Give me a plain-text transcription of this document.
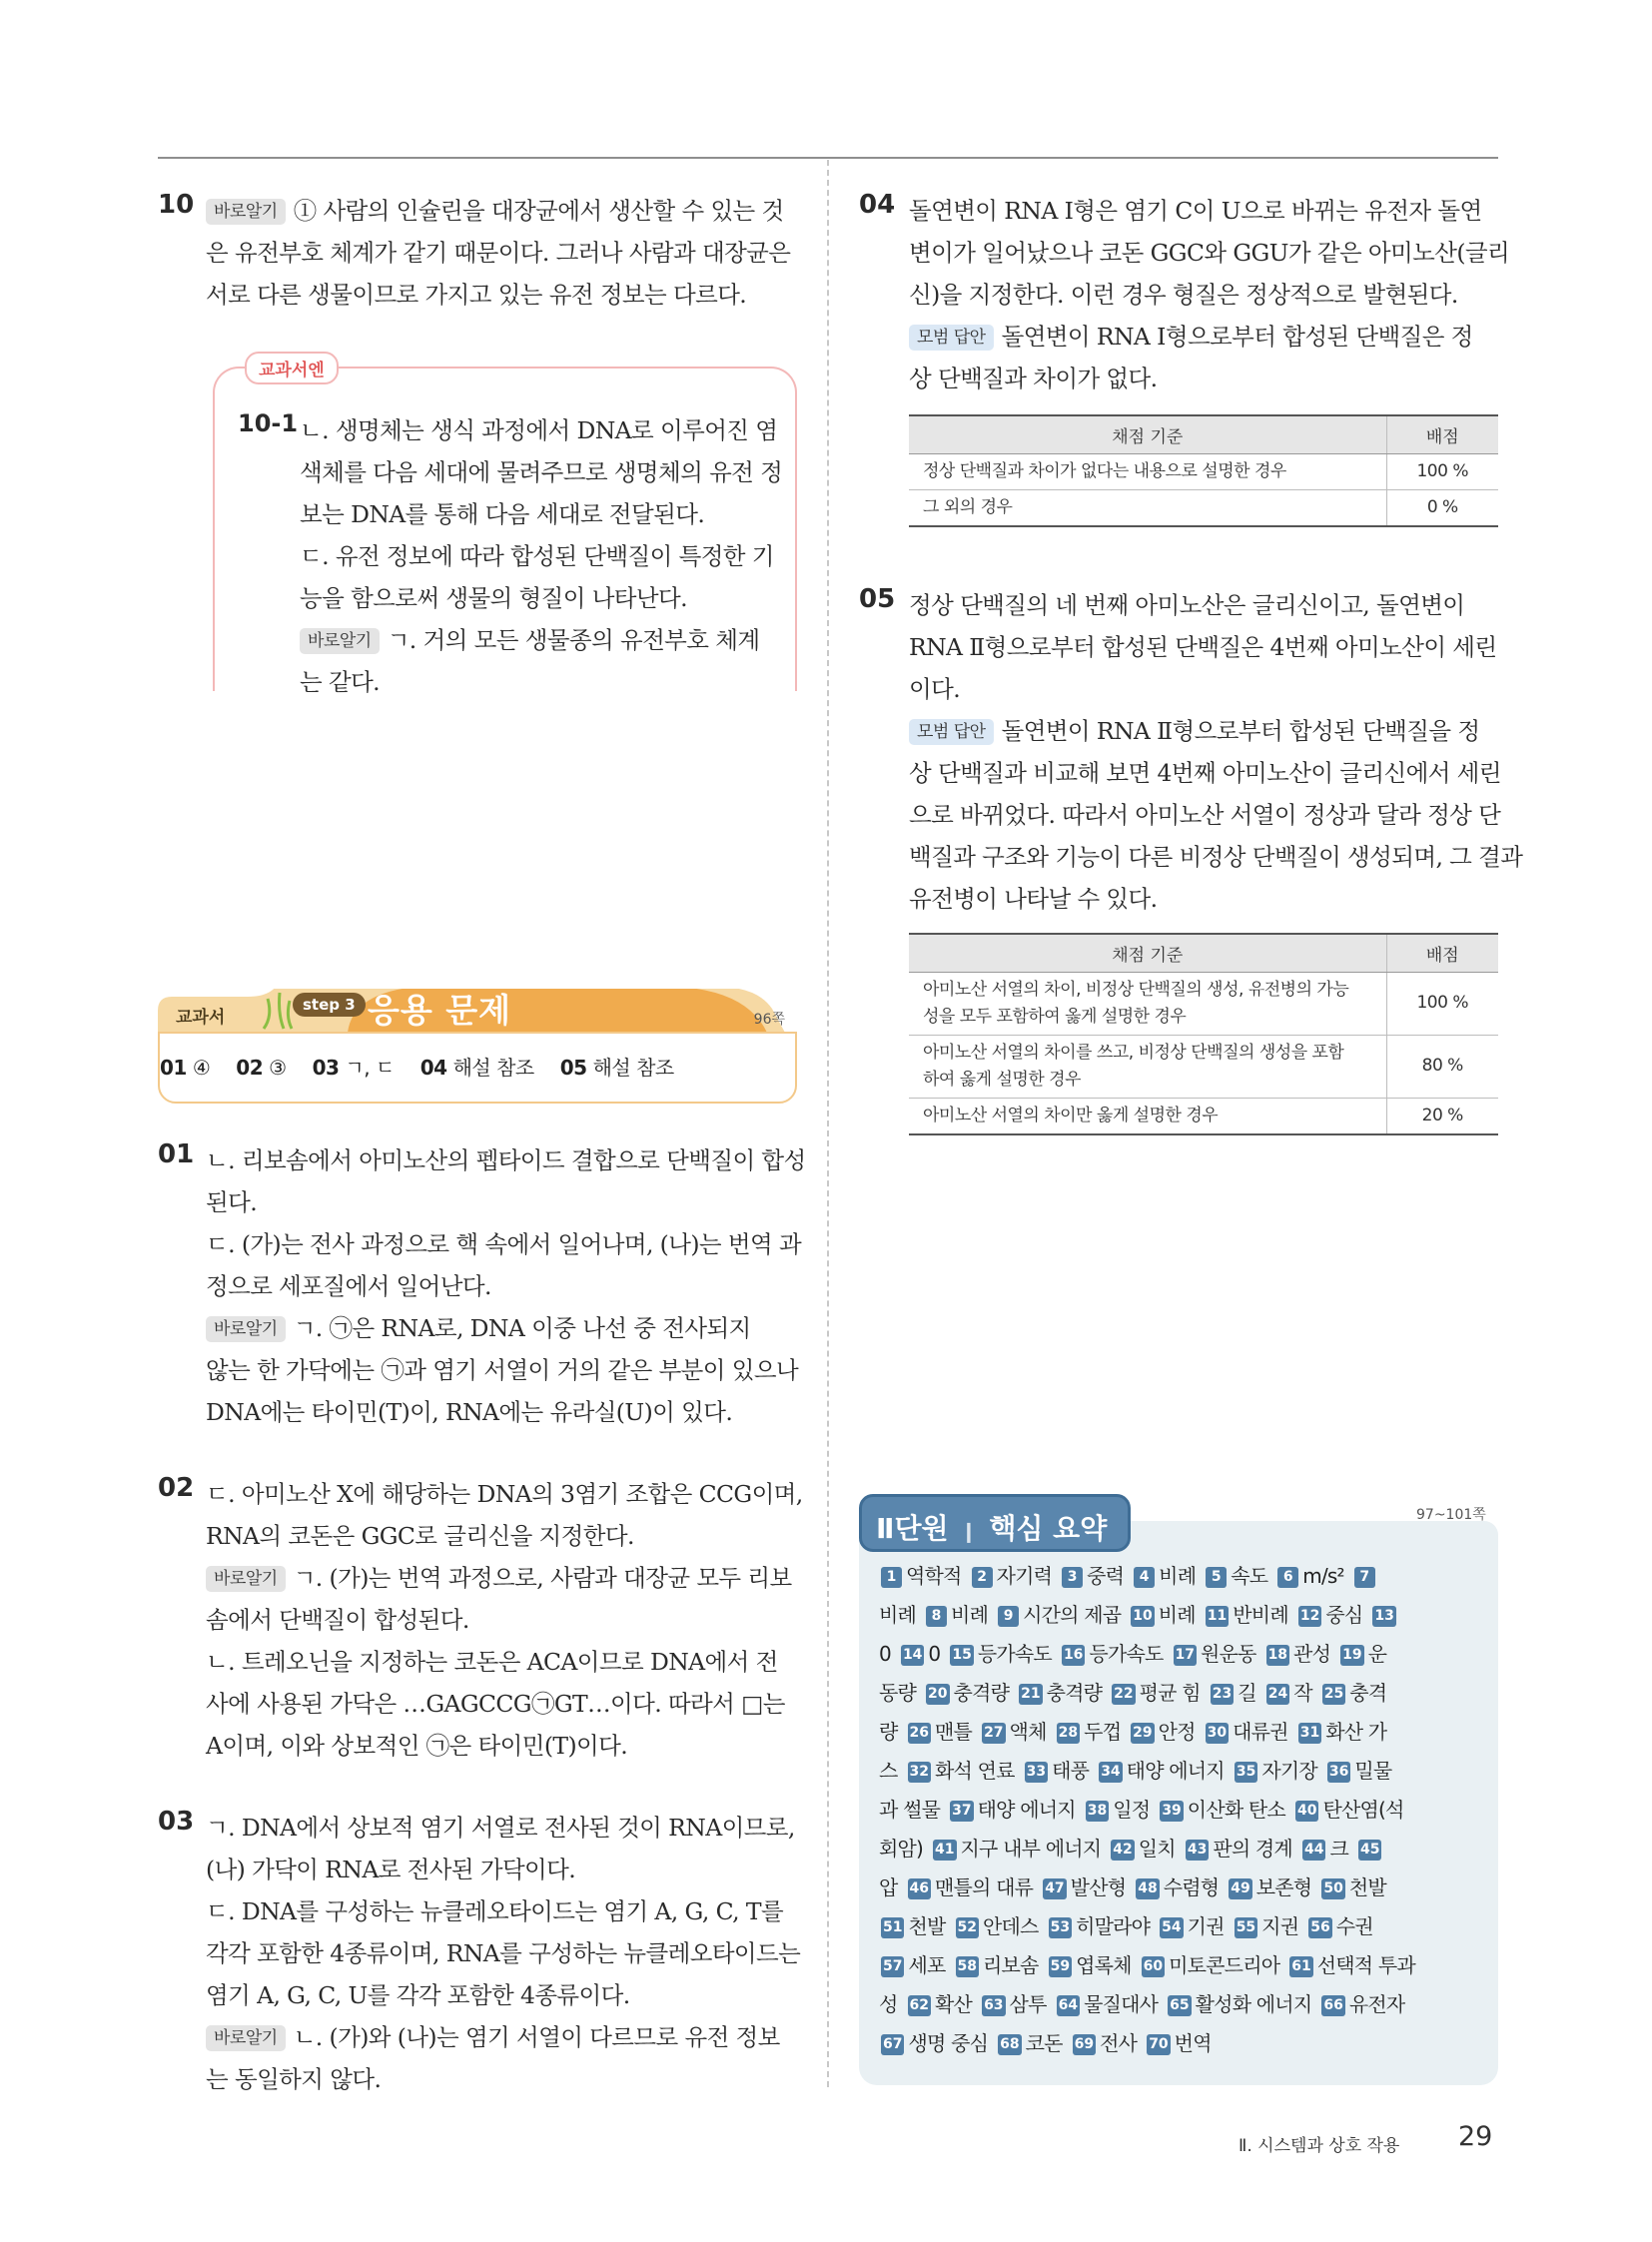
10	바로알기 ① 사람의 인슐린을 대장균에서 생산할 수 있는 것
은 유전부호 체계가 같기 때문이다. 그러나 사람과 대장균은
서로 다른 생물이므로 가지고 있는 유전 정보는 다르다.
교과서엔
10-1 ㄴ. 생명체는 생식 과정에서 DNA로 이루어진 염
색체를 다음 세대에 물려주므로 생명체의 유전 정
보는 DNA를 통해 다음 세대로 전달된다.
ㄷ. 유전 정보에 따라 합성된 단백질이 특정한 기
능을 함으로써 생물의 형질이 나타난다.
바로알기 ㄱ. 거의 모든 생물종의 유전부호 체계
는 같다.
교과서
step 3 응용 문제	96쪽
01 ④ 02 ③ 03 ㄱ, ㄷ 04 해설 참조 05 해설 참조
01 ㄴ. 리보솜에서 아미노산의 펩타이드 결합으로 단백질이 합성
된다.
ㄷ. (가)는 전사 과정으로 핵 속에서 일어나며, (나)는 번역 과
정으로 세포질에서 일어난다.
바로알기 ㄱ. ㉠은 RNA로, DNA 이중 나선 중 전사되지
않는 한 가닥에는 ㉠과 염기 서열이 거의 같은 부분이 있으나
DNA에는 타이민(T)이, RNA에는 유라실(U)이 있다.
02 ㄷ. 아미노산 X에 해당하는 DNA의 3염기 조합은 CCG이며,
RNA의 코돈은 GGC로 글리신을 지정한다.
바로알기 ㄱ. (가)는 번역 과정으로, 사람과 대장균 모두 리보
솜에서 단백질이 합성된다.
ㄴ. 트레오닌을 지정하는 코돈은 ACA이므로 DNA에서 전
사에 사용된 가닥은 …GAGCCG㉠GT…이다. 따라서 □는
A이며, 이와 상보적인 ㉠은 타이민(T)이다.
03 ㄱ. DNA에서 상보적 염기 서열로 전사된 것이 RNA이므로,
(나) 가닥이 RNA로 전사된 가닥이다.
ㄷ. DNA를 구성하는 뉴클레오타이드는 염기 A, G, C, T를
각각 포함한 4종류이며, RNA를 구성하는 뉴클레오타이드는
염기 A, G, C, U를 각각 포함한 4종류이다.
바로알기 ㄴ. (가)와 (나)는 염기 서열이 다르므로 유전 정보
는 동일하지 않다.
04 돌연변이 RNA Ⅰ형은 염기 C이 U으로 바뀌는 유전자 돌연
변이가 일어났으나 코돈 GGC와 GGU가 같은 아미노산(글리
신)을 지정한다. 이런 경우 형질은 정상적으로 발현된다.
모범 답안 돌연변이 RNA Ⅰ형으로부터 합성된 단백질은 정
상 단백질과 차이가 없다.
채점 기준	배점
정상 단백질과 차이가 없다는 내용으로 설명한 경우	100 %
그 외의 경우	0 %
05 정상 단백질의 네 번째 아미노산은 글리신이고, 돌연변이
RNA Ⅱ형으로부터 합성된 단백질은 4번째 아미노산이 세린
이다.
모범 답안 돌연변이 RNA Ⅱ형으로부터 합성된 단백질을 정
상 단백질과 비교해 보면 4번째 아미노산이 글리신에서 세린
으로 바뀌었다. 따라서 아미노산 서열이 정상과 달라 정상 단
백질과 구조와 기능이 다른 비정상 단백질이 생성되며, 그 결과
유전병이 나타날 수 있다.
채점 기준	배점
아미노산 서열의 차이, 비정상 단백질의 생성, 유전병의 가능
성을 모두 포함하여 옳게 설명한 경우	100 %
아미노산 서열의 차이를 쓰고, 비정상 단백질의 생성을 포함
하여 옳게 설명한 경우	80 %
아미노산 서열의 차이만 옳게 설명한 경우	20 %
1 역학적 2 자기력 3 중력 4 비례 5 속도 6 m/s² 7
비례 8 비례 9 시간의 제곱 10 비례 11 반비례 12 중심 13
0 14 0 15 등가속도 16 등가속도 17 원운동 18 관성 19 운
동량 20 충격량 21 충격량 22 평균 힘 23 길 24 작 25 충격
량 26 맨틀 27 액체 28 두껍 29 안정 30 대류권 31 화산 가
스 32 화석 연료 33 태풍 34 태양 에너지 35 자기장 36 밀물
과 썰물 37 태양 에너지 38 일정 39 이산화 탄소 40 탄산염(석
회암) 41 지구 내부 에너지 42 일치 43 판의 경계 44 크 45
압 46 맨틀의 대류 47 발산형 48 수렴형 49 보존형 50 천발
51 천발 52 안데스 53 히말라야 54 기권 55 지권 56 수권
57 세포 58 리보솜 59 엽록체 60 미토콘드리아 61 선택적 투과
성 62 확산 63 삼투 64 물질대사 65 활성화 에너지 66 유전자
67 생명 중심 68 코돈 69 전사 70 번역
Ⅱ단원 ❙ 핵심 요약	97~101쪽
Ⅱ. 시스템과 상호 작용 29
